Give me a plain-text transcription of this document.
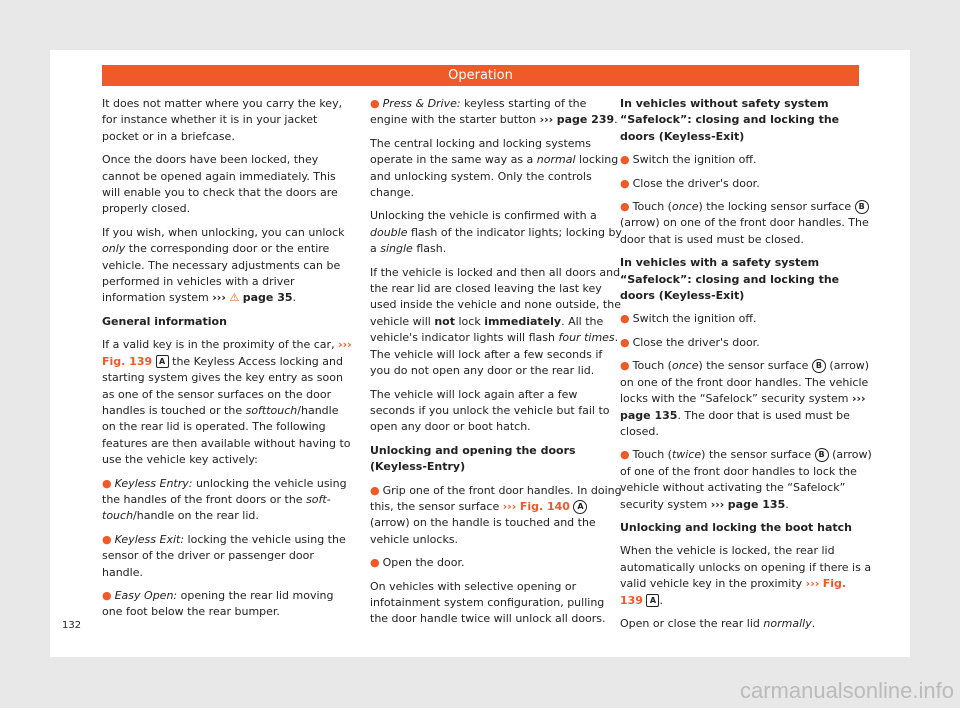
Operation

It does not matter where you carry the key, for instance whether it is in your jacket pocket or in a briefcase.

Once the doors have been locked, they cannot be opened again immediately. This will enable you to check that the doors are properly closed.

If you wish, when unlocking, you can unlock only the corresponding door or the entire vehicle. The necessary adjustments can be performed in vehicles with a driver information system ››› ⚠ page 35.

General information

If a valid key is in the proximity of the car, ››› Fig. 139 A the Keyless Access locking and starting system gives the key entry as soon as one of the sensor surfaces on the door handles is touched or the softtouch/handle on the rear lid is operated. The following features are then available without having to use the vehicle key actively:

● Keyless Entry: unlocking the vehicle using the handles of the front doors or the soft-touch/handle on the rear lid.

● Keyless Exit: locking the vehicle using the sensor of the driver or passenger door handle.

● Easy Open: opening the rear lid moving one foot below the rear bumper.

● Press & Drive: keyless starting of the engine with the starter button ››› page 239.

The central locking and locking systems operate in the same way as a normal locking and unlocking system. Only the controls change.

Unlocking the vehicle is confirmed with a double flash of the indicator lights; locking by a single flash.

If the vehicle is locked and then all doors and the rear lid are closed leaving the last key used inside the vehicle and none outside, the vehicle will not lock immediately. All the vehicle's indicator lights will flash four times. The vehicle will lock after a few seconds if you do not open any door or the rear lid.

The vehicle will lock again after a few seconds if you unlock the vehicle but fail to open any door or boot hatch.

Unlocking and opening the doors (Keyless-Entry)

● Grip one of the front door handles. In doing this, the sensor surface ››› Fig. 140 A (arrow) on the handle is touched and the vehicle unlocks.

● Open the door.

On vehicles with selective opening or infotainment system configuration, pulling the door handle twice will unlock all doors.

In vehicles without safety system “Safelock”: closing and locking the doors (Keyless-Exit)

● Switch the ignition off.

● Close the driver's door.

● Touch (once) the locking sensor surface B (arrow) on one of the front door handles. The door that is used must be closed.

In vehicles with a safety system “Safelock”: closing and locking the doors (Keyless-Exit)

● Switch the ignition off.

● Close the driver's door.

● Touch (once) the sensor surface B (arrow) on one of the front door handles. The vehicle locks with the “Safelock” security system ››› page 135. The door that is used must be closed.

● Touch (twice) the sensor surface B (arrow) of one of the front door handles to lock the vehicle without activating the “Safelock” security system ››› page 135.

Unlocking and locking the boot hatch

When the vehicle is locked, the rear lid automatically unlocks on opening if there is a valid vehicle key in the proximity ››› Fig. 139 A .

Open or close the rear lid normally.

132
carmanualsonline.info
